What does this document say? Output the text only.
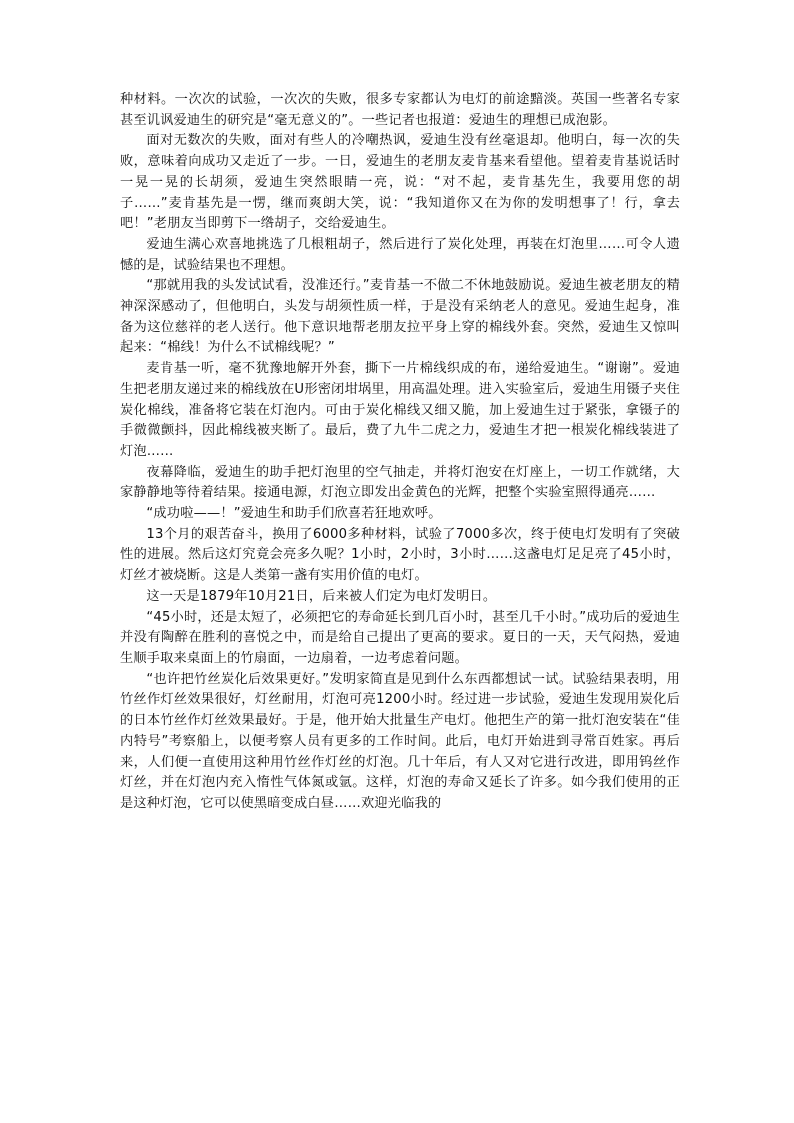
种材料。一次次的试验，一次次的失败，很多专家都认为电灯的前途黯淡。英国一些著名专家甚至讥讽爱迪生的研究是“毫无意义的”。一些记者也报道：爱迪生的理想已成泡影。

面对无数次的失败，面对有些人的冷嘲热讽，爱迪生没有丝毫退却。他明白，每一次的失败，意味着向成功又走近了一步。一日，爱迪生的老朋友麦肯基来看望他。望着麦肯基说话时一晃一晃的长胡须，爱迪生突然眼睛一亮，说：“对不起，麦肯基先生，我要用您的胡子……”麦肯基先是一愣，继而爽朗大笑，说：“我知道你又在为你的发明想事了！行，拿去吧！”老朋友当即剪下一绺胡子，交给爱迪生。

爱迪生满心欢喜地挑选了几根粗胡子，然后进行了炭化处理，再装在灯泡里……可令人遗憾的是，试验结果也不理想。

“那就用我的头发试试看，没准还行。”麦肯基一不做二不休地鼓励说。爱迪生被老朋友的精神深深感动了，但他明白，头发与胡须性质一样，于是没有采纳老人的意见。爱迪生起身，准备为这位慈祥的老人送行。他下意识地帮老朋友拉平身上穿的棉线外套。突然，爱迪生又惊叫起来：“棉线！为什么不试棉线呢？”

麦肯基一听，毫不犹豫地解开外套，撕下一片棉线织成的布，递给爱迪生。“谢谢”。爱迪生把老朋友递过来的棉线放在U形密闭坩埚里，用高温处理。进入实验室后，爱迪生用镊子夹住炭化棉线，准备将它装在灯泡内。可由于炭化棉线又细又脆，加上爱迪生过于紧张，拿镊子的手微微颤抖，因此棉线被夹断了。最后，费了九牛二虎之力，爱迪生才把一根炭化棉线装进了灯泡……

夜幕降临，爱迪生的助手把灯泡里的空气抽走，并将灯泡安在灯座上，一切工作就绪，大家静静地等待着结果。接通电源，灯泡立即发出金黄色的光辉，把整个实验室照得通亮……

“成功啦——！”爱迪生和助手们欣喜若狂地欢呼。

13个月的艰苦奋斗，换用了6000多种材料，试验了7000多次，终于使电灯发明有了突破性的进展。然后这灯究竟会亮多久呢？1小时，2小时，3小时……这盏电灯足足亮了45小时，灯丝才被烧断。这是人类第一盏有实用价值的电灯。

这一天是1879年10月21日，后来被人们定为电灯发明日。

“45小时，还是太短了，必须把它的寿命延长到几百小时，甚至几千小时。”成功后的爱迪生并没有陶醉在胜利的喜悦之中，而是给自己提出了更高的要求。夏日的一天，天气闷热，爱迪生顺手取来桌面上的竹扇面，一边扇着，一边考虑着问题。

“也许把竹丝炭化后效果更好。”发明家简直是见到什么东西都想试一试。试验结果表明，用竹丝作灯丝效果很好，灯丝耐用，灯泡可亮1200小时。经过进一步试验，爱迪生发现用炭化后的日本竹丝作灯丝效果最好。于是，他开始大批量生产电灯。他把生产的第一批灯泡安装在“佳内特号”考察船上，以便考察人员有更多的工作时间。此后，电灯开始进到寻常百姓家。再后来，人们便一直使用这种用竹丝作灯丝的灯泡。几十年后，有人又对它进行改进，即用钨丝作灯丝，并在灯泡内充入惰性气体氮或氩。这样，灯泡的寿命又延长了许多。如今我们使用的正是这种灯泡，它可以使黑暗变成白昼……欢迎光临我的
